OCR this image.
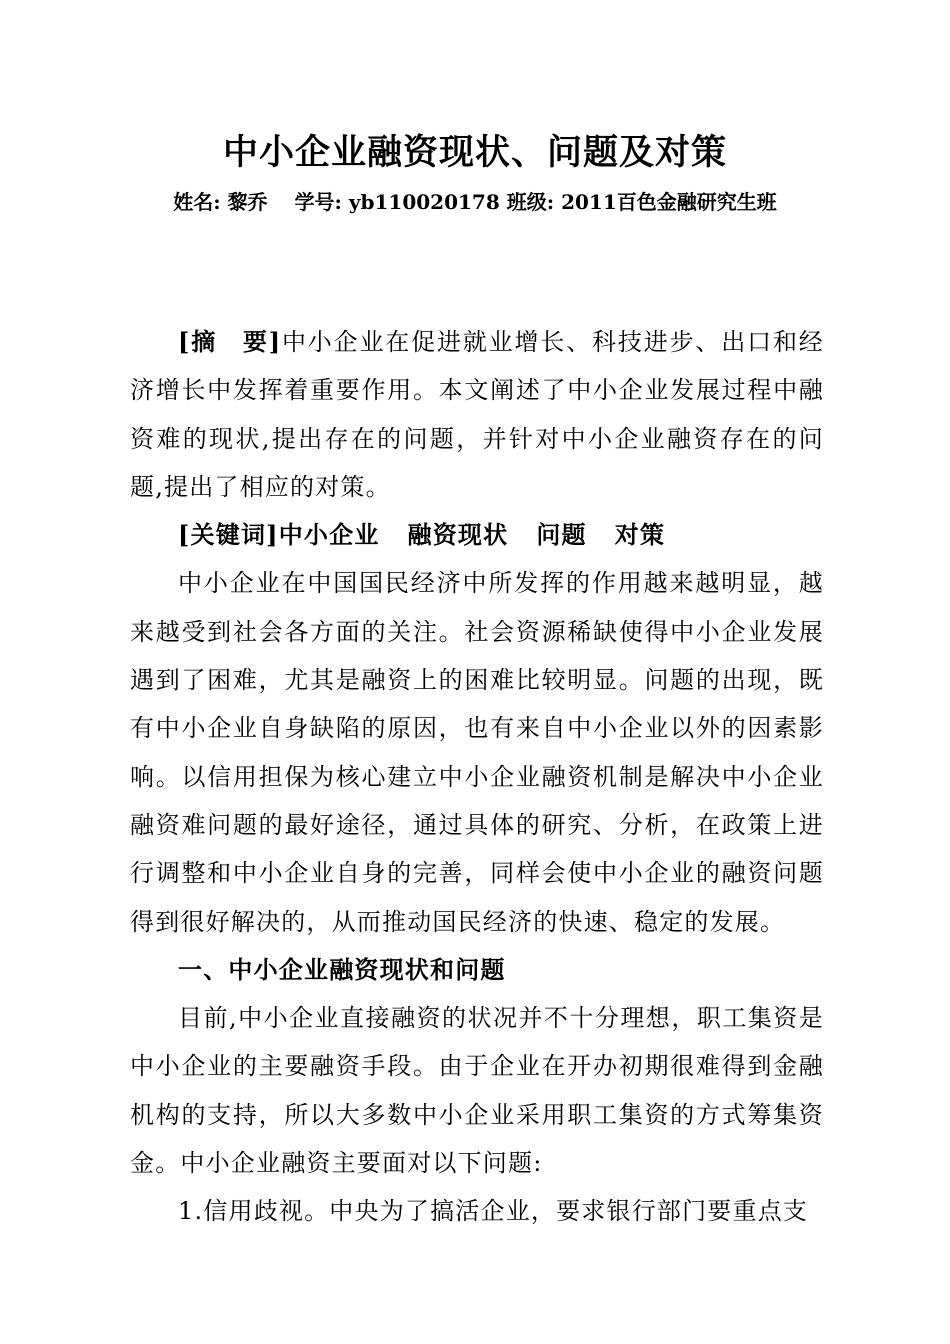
中小企业融资现状、问题及对策
姓名: 黎乔 学号: yb110020178 班级: 2011百色金融研究生班

[摘　要]中小企业在促进就业增长、科技进步、出口和经济增长中发挥着重要作用。本文阐述了中小企业发展过程中融资难的现状,提出存在的问题，并针对中小企业融资存在的问题,提出了相应的对策。

[关键词]中小企业 融资现状 问题 对策

中小企业在中国国民经济中所发挥的作用越来越明显，越来越受到社会各方面的关注。社会资源稀缺使得中小企业发展遇到了困难，尤其是融资上的困难比较明显。问题的出现，既有中小企业自身缺陷的原因，也有来自中小企业以外的因素影响。以信用担保为核心建立中小企业融资机制是解决中小企业融资难问题的最好途径，通过具体的研究、分析，在政策上进行调整和中小企业自身的完善，同样会使中小企业的融资问题得到很好解决的，从而推动国民经济的快速、稳定的发展。

一、中小企业融资现状和问题

目前,中小企业直接融资的状况并不十分理想，职工集资是中小企业的主要融资手段。由于企业在开办初期很难得到金融机构的支持，所以大多数中小企业采用职工集资的方式筹集资金。中小企业融资主要面对以下问题:

1.信用歧视。中央为了搞活企业，要求银行部门要重点支
